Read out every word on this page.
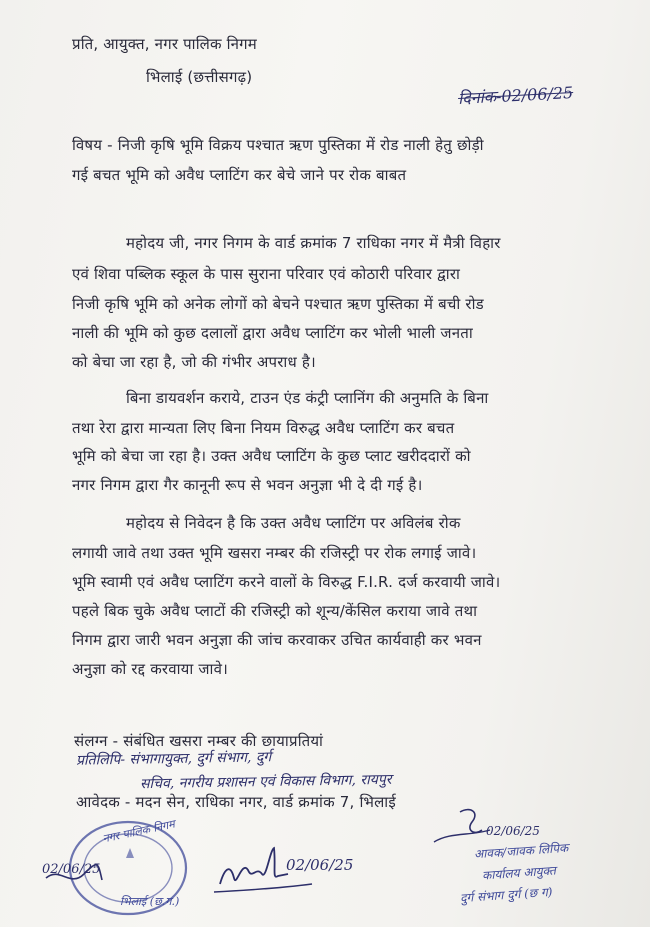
प्रति, आयुक्त, नगर पालिक निगम
भिलाई (छत्तीसगढ़)
दिनांक-02/06/25
विषय - निजी कृषि भूमि विक्रय पश्चात ऋण पुस्तिका में रोड नाली हेतु छोड़ी
गई बचत भूमि को अवैध प्लाटिंग कर बेचे जाने पर रोक बाबत
महोदय जी, नगर निगम के वार्ड क्रमांक 7 राधिका नगर में मैत्री विहार
एवं शिवा पब्लिक स्कूल के पास सुराना परिवार एवं कोठारी परिवार द्वारा
निजी कृषि भूमि को अनेक लोगों को बेचने पश्चात ऋण पुस्तिका में बची रोड
नाली की भूमि को कुछ दलालों द्वारा अवैध प्लाटिंग कर भोली भाली जनता
को बेचा जा रहा है, जो की गंभीर अपराध है।
बिना डायवर्शन कराये, टाउन एंड कंट्री प्लानिंग की अनुमति के बिना
तथा रेरा द्वारा मान्यता लिए बिना नियम विरुद्ध अवैध प्लाटिंग कर बचत
भूमि को बेचा जा रहा है। उक्त अवैध प्लाटिंग के कुछ प्लाट खरीददारों को
नगर निगम द्वारा गैर कानूनी रूप से भवन अनुज्ञा भी दे दी गई है।
महोदय से निवेदन है कि उक्त अवैध प्लाटिंग पर अविलंब रोक
लगायी जावे तथा उक्त भूमि खसरा नम्बर की रजिस्ट्री पर रोक लगाई जावे।
भूमि स्वामी एवं अवैध प्लाटिंग करने वालों के विरुद्ध F.I.R. दर्ज करवायी जावे।
पहले बिक चुके अवैध प्लाटों की रजिस्ट्री को शून्य/केंसिल कराया जावे तथा
निगम द्वारा जारी भवन अनुज्ञा की जांच करवाकर उचित कार्यवाही कर भवन
अनुज्ञा को रद्द करवाया जावे।
संलग्न - संबंधित खसरा नम्बर की छायाप्रतियां
प्रतिलिपि- संभागायुक्त, दुर्ग संभाग, दुर्ग
सचिव, नगरीय प्रशासन एवं विकास विभाग, रायपुर
आवेदक - मदन सेन, राधिका नगर, वार्ड क्रमांक 7, भिलाई
नगर पालिक निगम
भिलाई (छ.ग.)
02/06/25	02/06/25
02/06/25
आवक/जावक लिपिक
कार्यालय आयुक्त
दुर्ग संभाग दुर्ग (छ ग)
